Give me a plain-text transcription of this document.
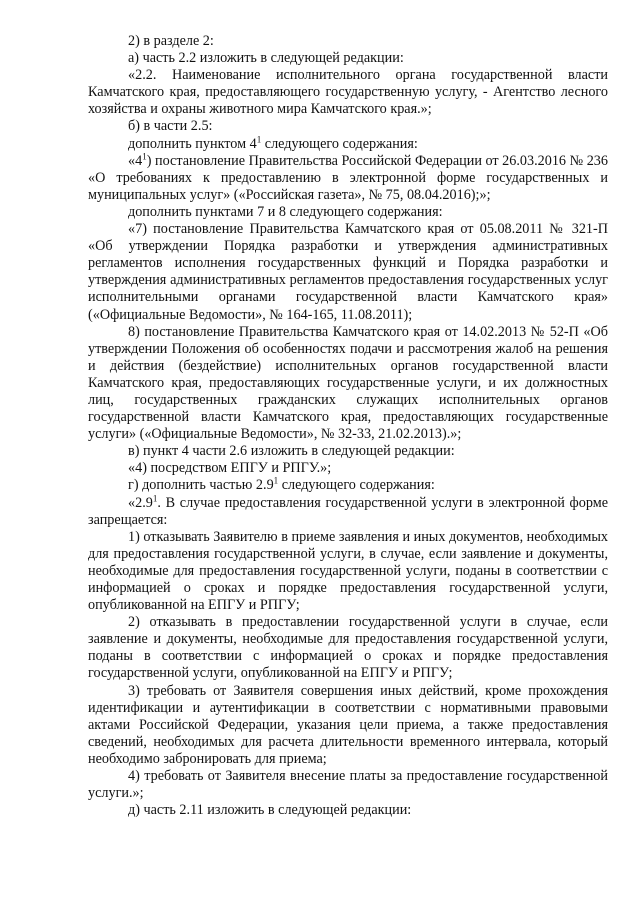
2) в разделе 2:

а) часть 2.2 изложить в следующей редакции:

«2.2. Наименование исполнительного органа государственной власти Камчатского края, предоставляющего государственную услугу, - Агентство лесного хозяйства и охраны животного мира Камчатского края.»;

б) в части 2.5:

дополнить пунктом $4^1$ следующего содержания:

«$4^1$) постановление Правительства Российской Федерации от 26.03.2016 № 236 «О требованиях к предоставлению в электронной форме государственных и муниципальных услуг» («Российская газета», № 75, 08.04.2016);»;

дополнить пунктами 7 и 8 следующего содержания:

«7) постановление Правительства Камчатского края от 05.08.2011 № 321-П «Об утверждении Порядка разработки и утверждения административных регламентов исполнения государственных функций и Порядка разработки и утверждения административных регламентов предоставления государственных услуг исполнительными органами государственной власти Камчатского края» («Официальные Ведомости», № 164-165, 11.08.2011);

8) постановление Правительства Камчатского края от 14.02.2013 № 52-П «Об утверждении Положения об особенностях подачи и рассмотрения жалоб на решения и действия (бездействие) исполнительных органов государственной власти Камчатского края, предоставляющих государственные услуги, и их должностных лиц, государственных гражданских служащих исполнительных органов государственной власти Камчатского края, предоставляющих государственные услуги» («Официальные Ведомости», № 32-33, 21.02.2013).»;

в) пункт 4 части 2.6 изложить в следующей редакции:

«4) посредством ЕПГУ и РПГУ.»;

г) дополнить частью $2.9^1$ следующего содержания:

«$2.9^1$. В случае предоставления государственной услуги в электронной форме запрещается:

1) отказывать Заявителю в приеме заявления и иных документов, необходимых для предоставления государственной услуги, в случае, если заявление и документы, необходимые для предоставления государственной услуги, поданы в соответствии с информацией о сроках и порядке предоставления государственной услуги, опубликованной на ЕПГУ и РПГУ;

2) отказывать в предоставлении государственной услуги в случае, если заявление и документы, необходимые для предоставления государственной услуги, поданы в соответствии с информацией о сроках и порядке предоставления государственной услуги, опубликованной на ЕПГУ и РПГУ;

3) требовать от Заявителя совершения иных действий, кроме прохождения идентификации и аутентификации в соответствии с нормативными правовыми актами Российской Федерации, указания цели приема, а также предоставления сведений, необходимых для расчета длительности временного интервала, который необходимо забронировать для приема;

4) требовать от Заявителя внесение платы за предоставление государственной услуги.»;

д) часть 2.11 изложить в следующей редакции:
